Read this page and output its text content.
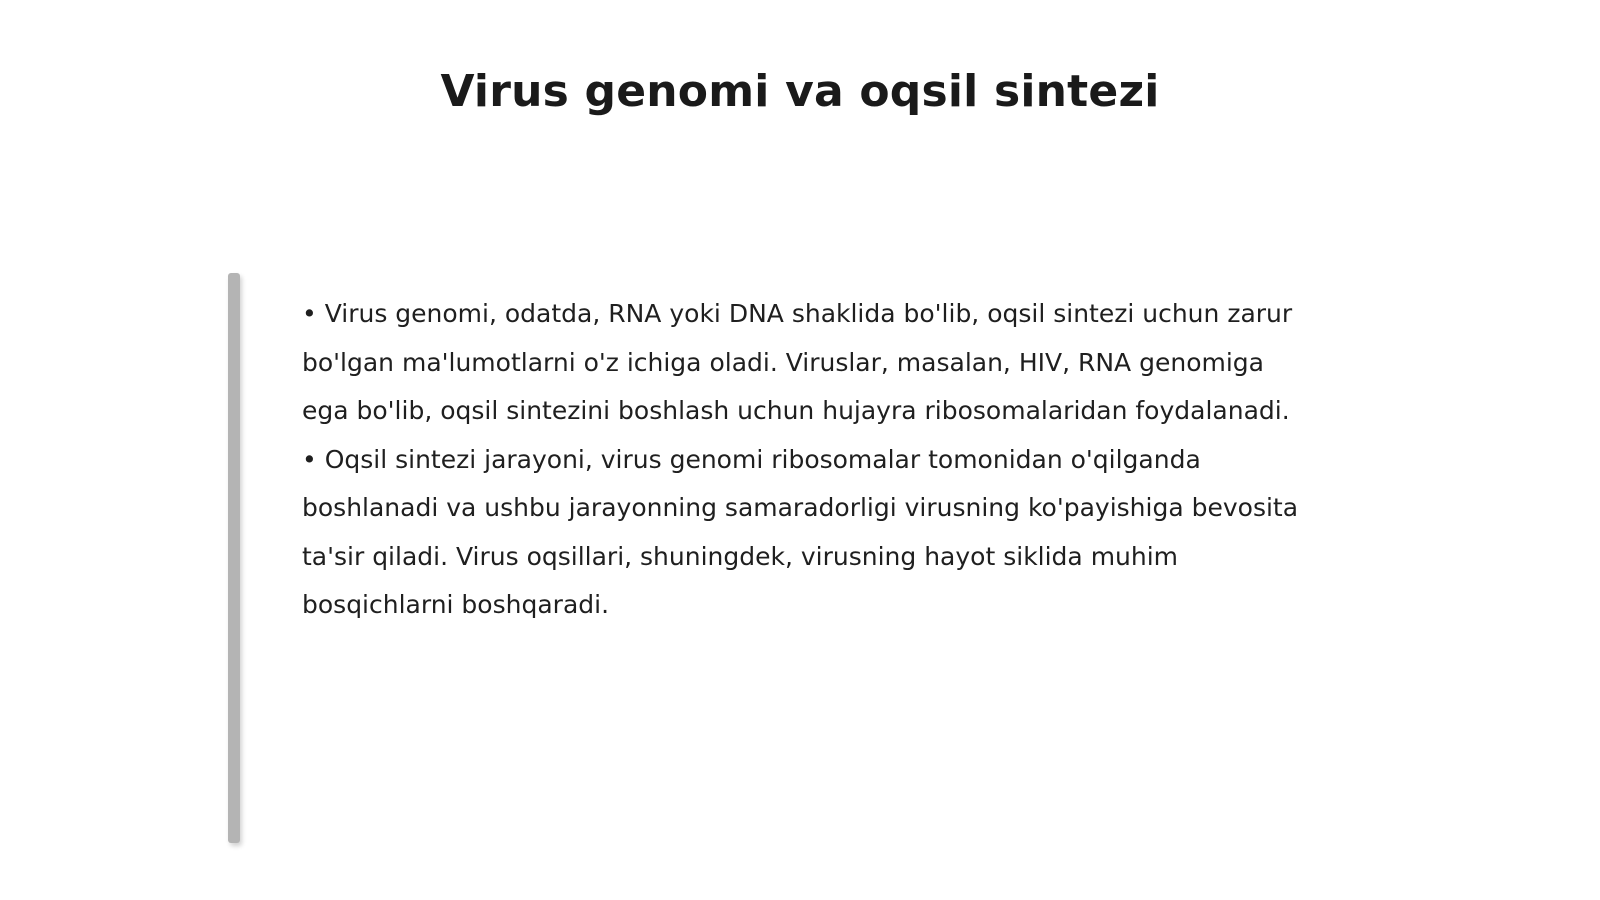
Virus genomi va oqsil sintezi

• Virus genomi, odatda, RNA yoki DNA shaklida bo'lib, oqsil sintezi uchun zarur bo'lgan ma'lumotlarni o'z ichiga oladi. Viruslar, masalan, HIV, RNA genomiga ega bo'lib, oqsil sintezini boshlash uchun hujayra ribosomalaridan foydalanadi.

• Oqsil sintezi jarayoni, virus genomi ribosomalar tomonidan o'qilganda boshlanadi va ushbu jarayonning samaradorligi virusning ko'payishiga bevosita ta'sir qiladi. Virus oqsillari, shuningdek, virusning hayot siklida muhim bosqichlarni boshqaradi.
